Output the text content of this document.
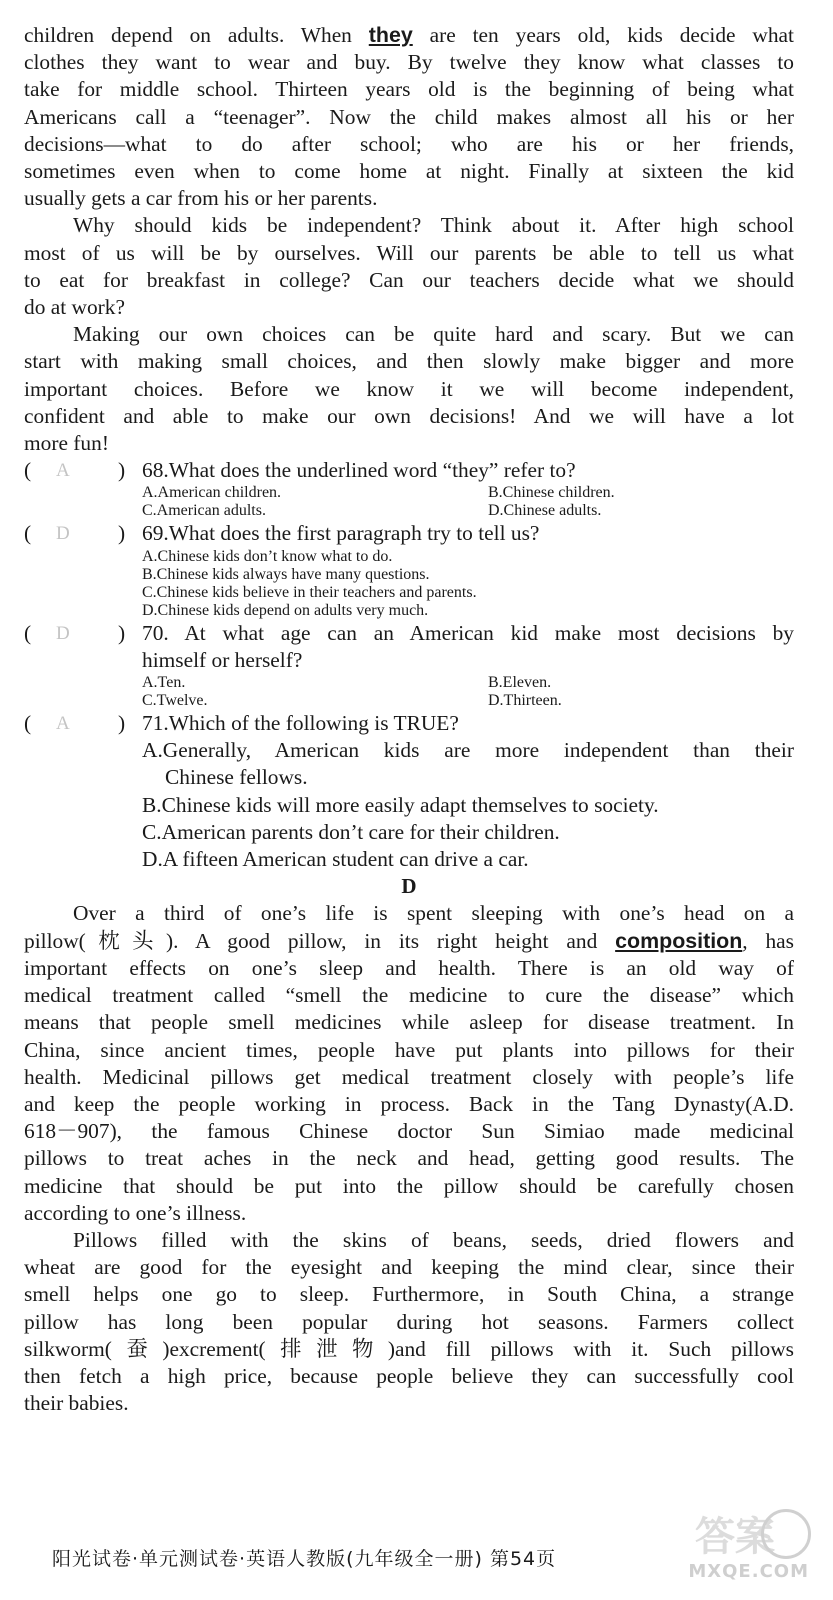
children depend on adults. When they are ten years old, kids decide what
clothes they want to wear and buy. By twelve they know what classes to
take for middle school. Thirteen years old is the beginning of being what
Americans call a “teenager”. Now the child makes almost all his or her
decisions—what to do after school; who are his or her friends,
sometimes even when to come home at night. Finally at sixteen the kid
usually gets a car from his or her parents.

Why should kids be independent? Think about it. After high school
most of us will be by ourselves. Will our parents be able to tell us what
to eat for breakfast in college? Can our teachers decide what we should
do at work?

Making our own choices can be quite hard and scary. But we can
start with making small choices, and then slowly make bigger and more
important choices. Before we know it we will become independent,
confident and able to make our own decisions! And we will have a lot
more fun!

( A ) 68.What does the underlined word “they” refer to?
A.American children.	B.Chinese children.
C.American adults.	D.Chinese adults.
( D ) 69.What does the first paragraph try to tell us?
A.Chinese kids don’t know what to do.
B.Chinese kids always have many questions.
C.Chinese kids believe in their teachers and parents.
D.Chinese kids depend on adults very much.
( D ) 70. At what age can an American kid make most decisions by
himself or herself?
A.Ten.	B.Eleven.
C.Twelve.	D.Thirteen.
( A ) 71.Which of the following is TRUE?
A.Generally, American kids are more independent than their
Chinese fellows.
B.Chinese kids will more easily adapt themselves to society.
C.American parents don’t care for their children.
D.A fifteen American student can drive a car.
D

Over a third of one’s life is spent sleeping with one’s head on a
pillow(枕头). A good pillow, in its right height and composition, has
important effects on one’s sleep and health. There is an old way of
medical treatment called “smell the medicine to cure the disease” which
means that people smell medicines while asleep for disease treatment. In
China, since ancient times, people have put plants into pillows for their
health. Medicinal pillows get medical treatment closely with people’s life
and keep the people working in process. Back in the Tang Dynasty(A.D.
618－907), the famous Chinese doctor Sun Simiao made medicinal
pillows to treat aches in the neck and head, getting good results. The
medicine that should be put into the pillow should be carefully chosen
according to one’s illness.

Pillows filled with the skins of beans, seeds, dried flowers and
wheat are good for the eyesight and keeping the mind clear, since their
smell helps one go to sleep. Furthermore, in South China, a strange
pillow has long been popular during hot seasons. Farmers collect
silkworm(蚕)excrement(排泄物)and fill pillows with it. Such pillows
then fetch a high price, because people believe they can successfully cool
their babies.

答案
MXQE.COM
阳光试卷·单元测试卷·英语人教版(九年级全一册) 第54页
